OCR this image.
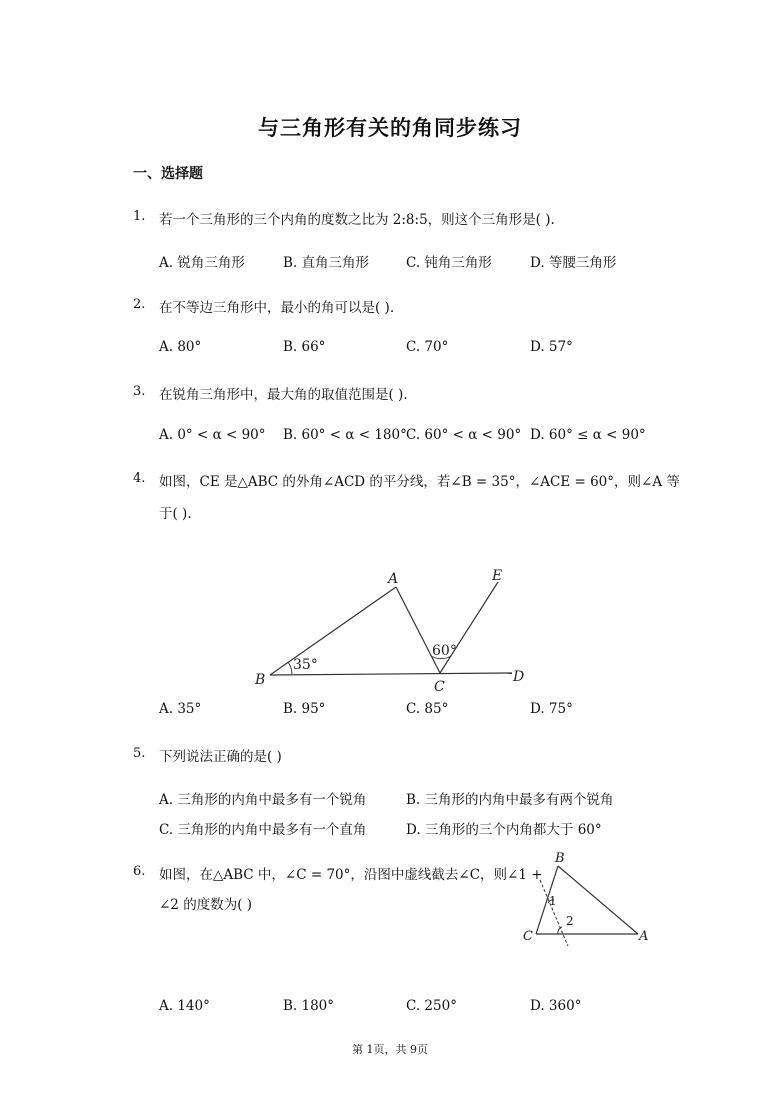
与三角形有关的角同步练习
一、选择题
1. 若一个三角形的三个内角的度数之比为 2:8:5，则这个三角形是( ).
A. 锐角三角形	B. 直角三角形	C. 钝角三角形	D. 等腰三角形
2. 在不等边三角形中，最小的角可以是( ).
A. 80°	B. 66°	C. 70°	D. 57°
3. 在锐角三角形中，最大角的取值范围是( ).
A. 0° < α < 90° B. 60° < α < 180° C. 60° < α < 90° D. 60° ≤ α < 90°
4. 如图，CE 是△ABC 的外角∠ACD 的平分线，若∠B = 35°，∠ACE = 60°，则∠A 等
于( ).
A
B	C
D
E
35°
60°
A. 35°	B. 95°	C. 85°	D. 75°
5. 下列说法正确的是( )
A. 三角形的内角中最多有一个锐角	B. 三角形的内角中最多有两个锐角
C. 三角形的内角中最多有一个直角	D. 三角形的三个内角都大于 60°
6. 如图，在△ABC 中，∠C = 70°，沿图中虚线截去∠C，则∠1 +
∠2 的度数为( )
B
C	A
1
2
A. 140°	B. 180°	C. 250°	D. 360°
第 1页，共 9页
